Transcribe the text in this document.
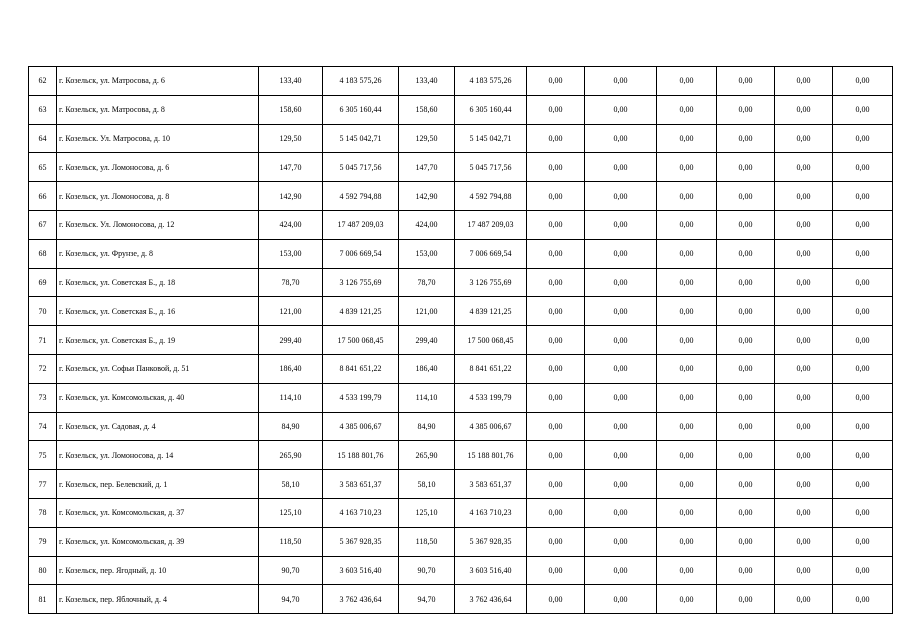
62	г. Козельск, ул. Матросова, д. 6	133,40	4 183 575,26	133,40	4 183 575,26	0,00	0,00	0,00	0,00	0,00	0,00
63	г. Козельск, ул. Матросова, д. 8	158,60	6 305 160,44	158,60	6 305 160,44	0,00	0,00	0,00	0,00	0,00	0,00
64	г. Козельск. Ул. Матросова, д. 10	129,50	5 145 042,71	129,50	5 145 042,71	0,00	0,00	0,00	0,00	0,00	0,00
65	г. Козельск, ул. Ломоносова, д. 6	147,70	5 045 717,56	147,70	5 045 717,56	0,00	0,00	0,00	0,00	0,00	0,00
66	г. Козельск, ул. Ломоносова, д. 8	142,90	4 592 794,88	142,90	4 592 794,88	0,00	0,00	0,00	0,00	0,00	0,00
67	г. Козельск. Ул. Ломоносова, д. 12	424,00	17 487 209,03	424,00	17 487 209,03	0,00	0,00	0,00	0,00	0,00	0,00
68	г. Козельск, ул. Фрунзе, д. 8	153,00	7 006 669,54	153,00	7 006 669,54	0,00	0,00	0,00	0,00	0,00	0,00
69	г. Козельск, ул. Советская Б., д. 18	78,70	3 126 755,69	78,70	3 126 755,69	0,00	0,00	0,00	0,00	0,00	0,00
70	г. Козельск, ул. Советская Б., д. 16	121,00	4 839 121,25	121,00	4 839 121,25	0,00	0,00	0,00	0,00	0,00	0,00
71	г. Козельск, ул. Советская Б., д. 19	299,40	17 500 068,45	299,40	17 500 068,45	0,00	0,00	0,00	0,00	0,00	0,00
72	г. Козельск, ул. Софьи Панковой, д. 51	186,40	8 841 651,22	186,40	8 841 651,22	0,00	0,00	0,00	0,00	0,00	0,00
73	г. Козельск, ул. Комсомольская, д. 40	114,10	4 533 199,79	114,10	4 533 199,79	0,00	0,00	0,00	0,00	0,00	0,00
74	г. Козельск, ул. Садовая, д. 4	84,90	4 385 006,67	84,90	4 385 006,67	0,00	0,00	0,00	0,00	0,00	0,00
75	г. Козельск, ул. Ломоносова, д. 14	265,90	15 188 801,76	265,90	15 188 801,76	0,00	0,00	0,00	0,00	0,00	0,00
77	г. Козельск, пер. Белевский, д. 1	58,10	3 583 651,37	58,10	3 583 651,37	0,00	0,00	0,00	0,00	0,00	0,00
78	г. Козельск, ул. Комсомольская, д. 37	125,10	4 163 710,23	125,10	4 163 710,23	0,00	0,00	0,00	0,00	0,00	0,00
79	г. Козельск, ул. Комсомольская, д. 39	118,50	5 367 928,35	118,50	5 367 928,35	0,00	0,00	0,00	0,00	0,00	0,00
80	г. Козельск, пер. Ягодный, д. 10	90,70	3 603 516,40	90,70	3 603 516,40	0,00	0,00	0,00	0,00	0,00	0,00
81	г. Козельск, пер. Яблочный, д. 4	94,70	3 762 436,64	94,70	3 762 436,64	0,00	0,00	0,00	0,00	0,00	0,00
